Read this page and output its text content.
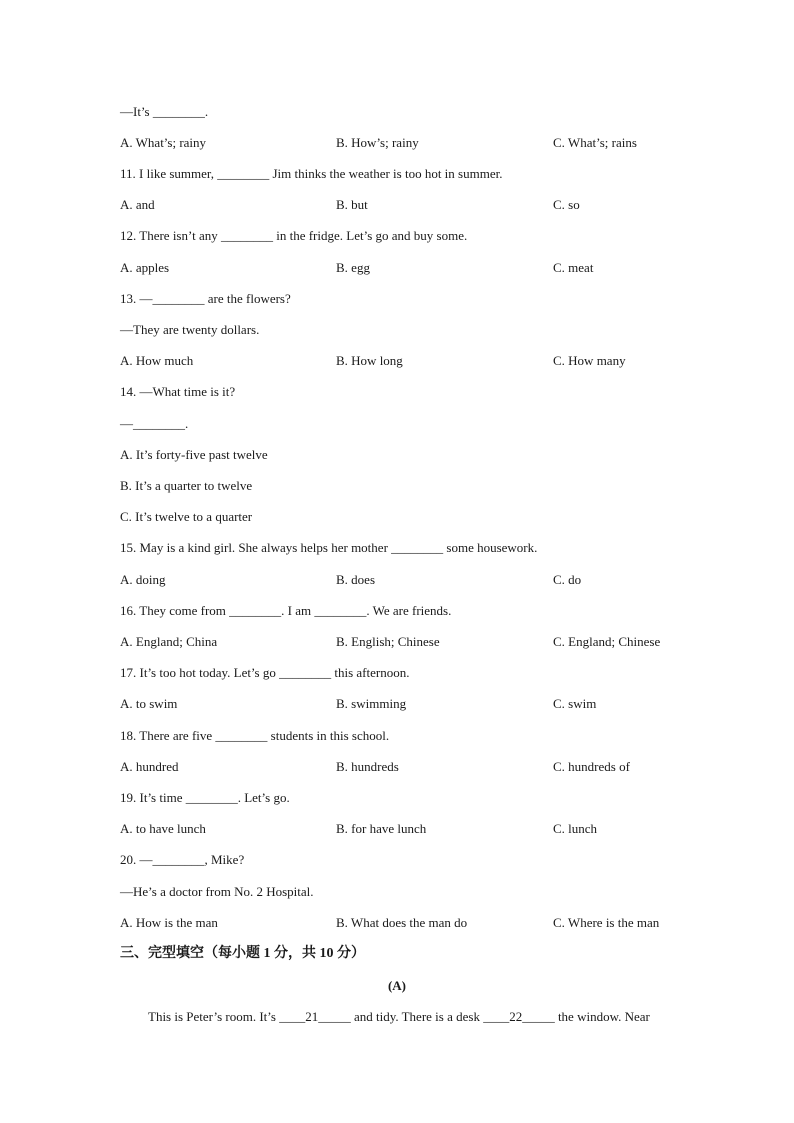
—It’s ________.
A. What’s; rainy	B. How’s; rainy	C. What’s; rains
11. I like summer, ________ Jim thinks the weather is too hot in summer.
A. and	B. but	C. so
12. There isn’t any ________ in the fridge. Let’s go and buy some.
A. apples	B. egg	C. meat
13. —________ are the flowers?
—They are twenty dollars.
A. How much	B. How long	C. How many
14. —What time is it?
—________.
A. It’s forty-five past twelve
B. It’s a quarter to twelve
C. It’s twelve to a quarter
15. May is a kind girl. She always helps her mother ________ some housework.
A. doing	B. does	C. do
16. They come from ________. I am ________. We are friends.
A. England; China	B. English; Chinese	C. England; Chinese
17. It’s too hot today. Let’s go ________ this afternoon.
A. to swim	B. swimming	C. swim
18. There are five ________ students in this school.
A. hundred	B. hundreds	C. hundreds of
19. It’s time ________. Let’s go.
A. to have lunch	B. for have lunch	C. lunch
20. —________, Mike?
—He’s a doctor from No. 2 Hospital.
A. How is the man	B. What does the man do	C. Where is the man
三、完型填空（每小题 1 分，共 10 分）
(A)
This is Peter’s room. It’s ____21_____ and tidy. There is a desk ____22_____ the window. Near
